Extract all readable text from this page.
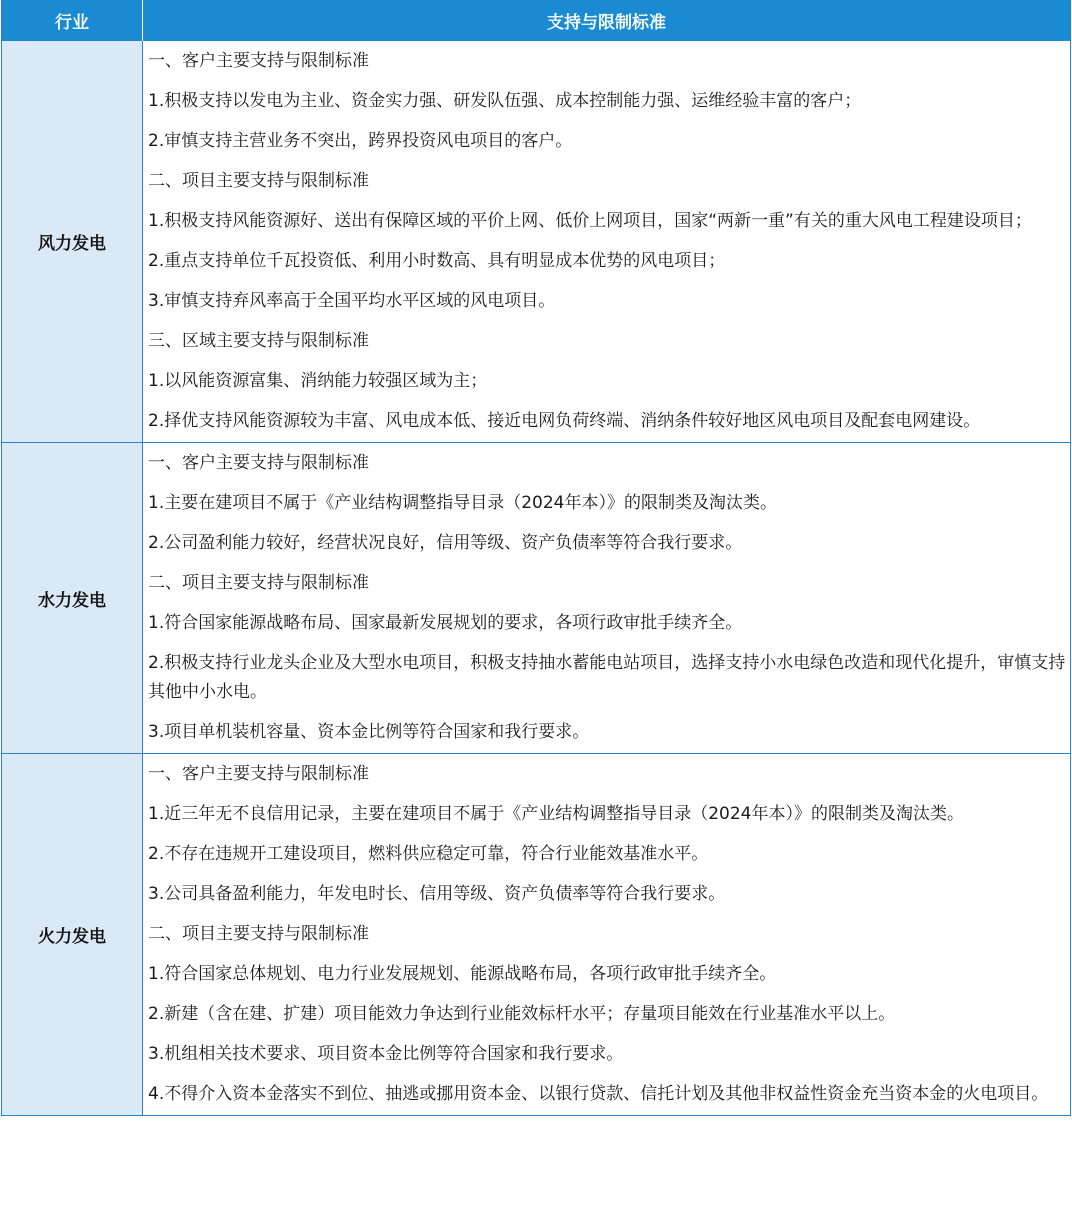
行业	支持与限制标准
风力发电
一、客户主要支持与限制标准
1.积极支持以发电为主业、资金实力强、研发队伍强、成本控制能力强、运维经验丰富的客户；
2.审慎支持主营业务不突出，跨界投资风电项目的客户。
二、项目主要支持与限制标准
1.积极支持风能资源好、送出有保障区域的平价上网、低价上网项目，国家“两新一重”有关的重大风电工程建设项目；
2.重点支持单位千瓦投资低、利用小时数高、具有明显成本优势的风电项目；
3.审慎支持弃风率高于全国平均水平区域的风电项目。
三、区域主要支持与限制标准
1.以风能资源富集、消纳能力较强区域为主；
2.择优支持风能资源较为丰富、风电成本低、接近电网负荷终端、消纳条件较好地区风电项目及配套电网建设。
水力发电
一、客户主要支持与限制标准
1.主要在建项目不属于《产业结构调整指导目录（2024年本）》的限制类及淘汰类。
2.公司盈利能力较好，经营状况良好，信用等级、资产负债率等符合我行要求。
二、项目主要支持与限制标准
1.符合国家能源战略布局、国家最新发展规划的要求，各项行政审批手续齐全。
2.积极支持行业龙头企业及大型水电项目，积极支持抽水蓄能电站项目，选择支持小水电绿色改造和现代化提升，审慎支持其他中小水电。
3.项目单机装机容量、资本金比例等符合国家和我行要求。
火力发电
一、客户主要支持与限制标准
1.近三年无不良信用记录，主要在建项目不属于《产业结构调整指导目录（2024年本）》的限制类及淘汰类。
2.不存在违规开工建设项目，燃料供应稳定可靠，符合行业能效基准水平。
3.公司具备盈利能力，年发电时长、信用等级、资产负债率等符合我行要求。
二、项目主要支持与限制标准
1.符合国家总体规划、电力行业发展规划、能源战略布局，各项行政审批手续齐全。
2.新建（含在建、扩建）项目能效力争达到行业能效标杆水平；存量项目能效在行业基准水平以上。
3.机组相关技术要求、项目资本金比例等符合国家和我行要求。
4.不得介入资本金落实不到位、抽逃或挪用资本金、以银行贷款、信托计划及其他非权益性资金充当资本金的火电项目。
